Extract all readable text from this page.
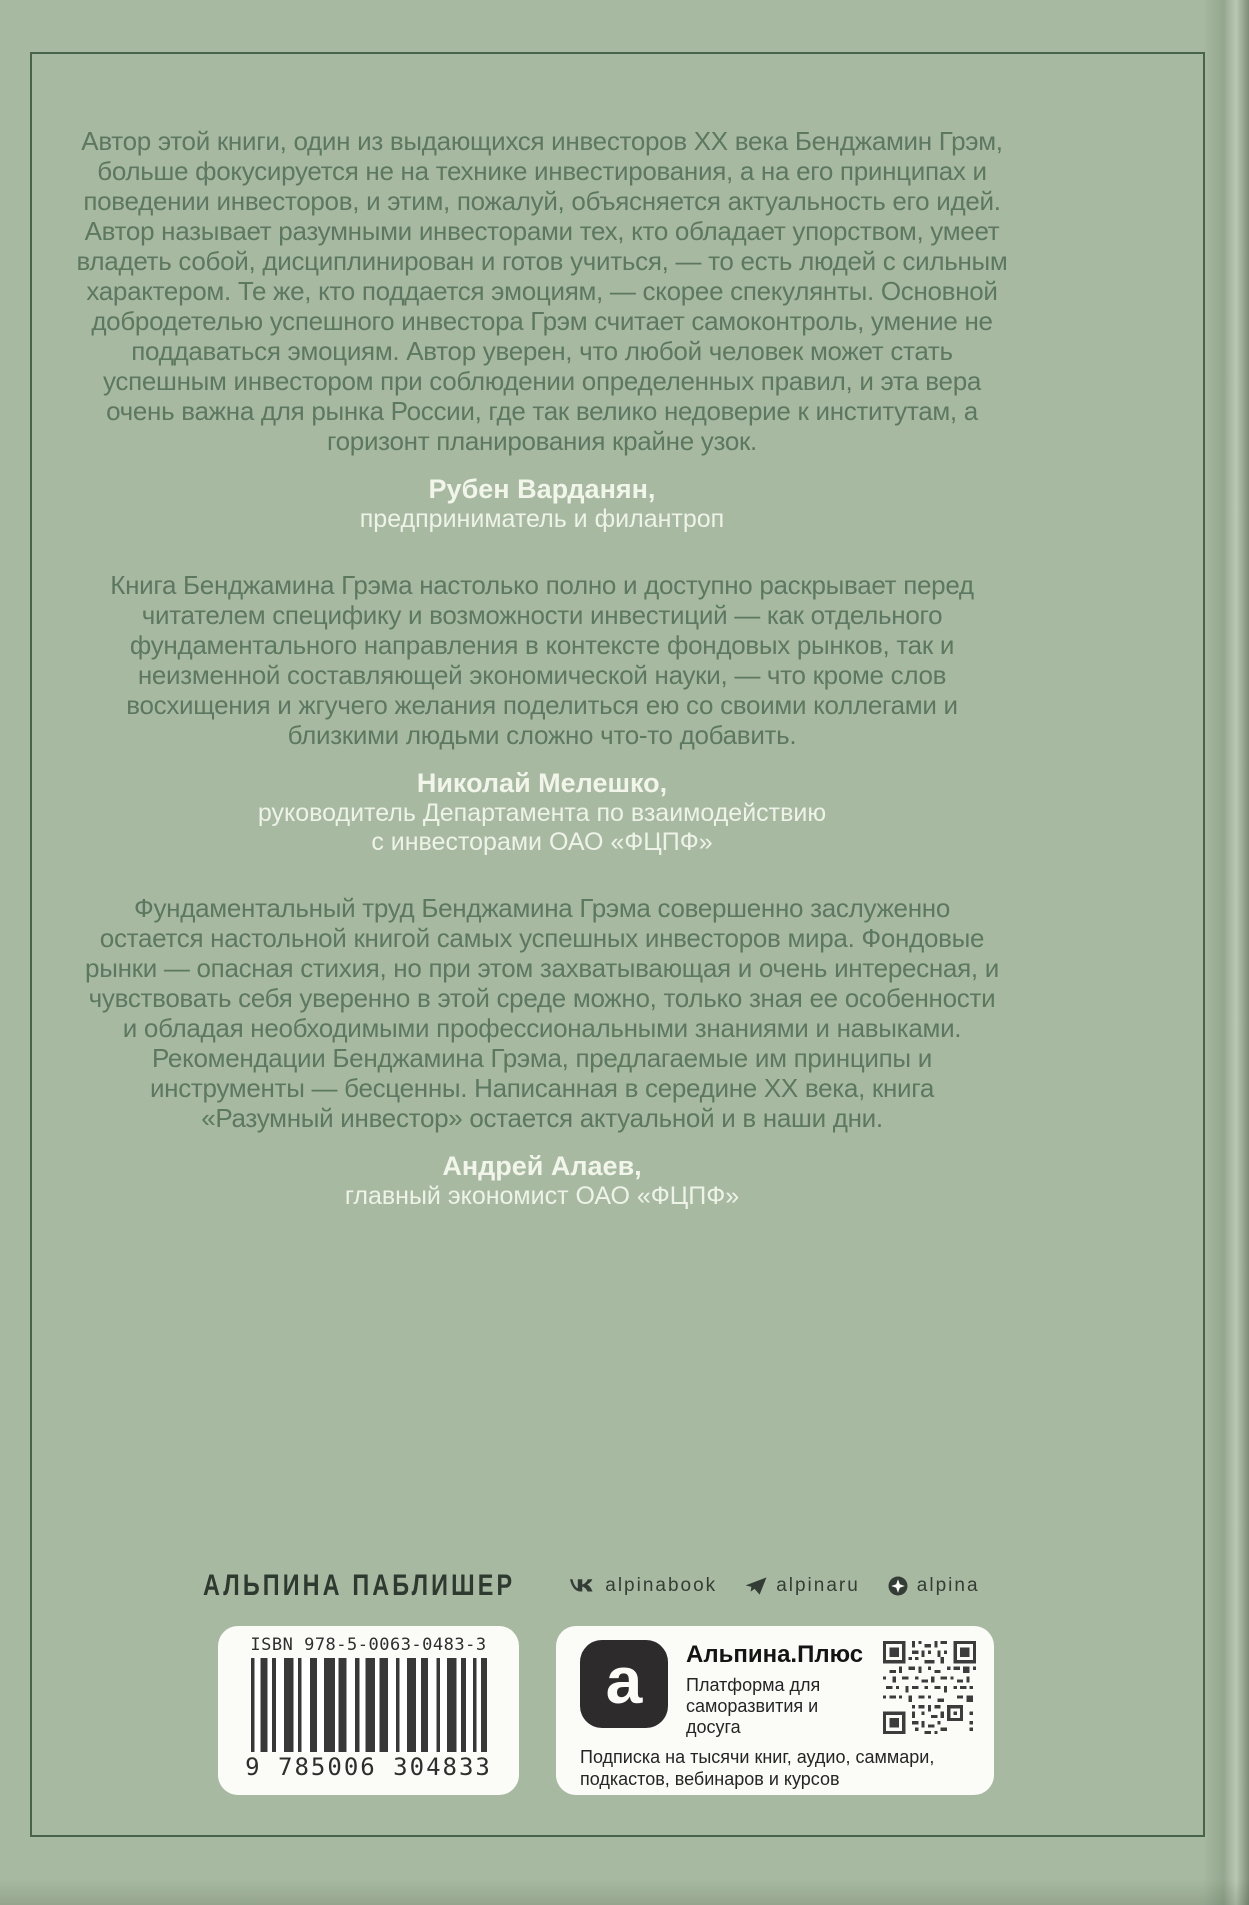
Автор этой книги, один из выдающихся инвесторов XX века Бенджамин Грэм, больше фокусируется не на технике инвестирования, а на его принципах и поведении инвесторов, и этим, пожалуй, объясняется актуальность его идей. Автор называет разумными инвесторами тех, кто обладает упорством, умеет владеть собой, дисциплинирован и готов учиться, — то есть людей с сильным характером. Те же, кто поддается эмоциям, — скорее спекулянты. Основной добродетелью успешного инвестора Грэм считает самоконтроль, умение не поддаваться эмоциям. Автор уверен, что любой человек может стать успешным инвестором при соблюдении определенных правил, и эта вера очень важна для рынка России, где так велико недоверие к институтам, а горизонт планирования крайне узок.

Рубен Варданян,

предприниматель и филантроп

Книга Бенджамина Грэма настолько полно и доступно раскрывает перед читателем специфику и возможности инвестиций — как отдельного фундаментального направления в контексте фондовых рынков, так и неизменной составляющей экономической науки, — что кроме слов восхищения и жгучего желания поделиться ею со своими коллегами и близкими людьми сложно что-то добавить.

Николай Мелешко,

руководитель Департамента по взаимодействию с инвесторами ОАО «ФЦПФ»

Фундаментальный труд Бенджамина Грэма совершенно заслуженно остается настольной книгой самых успешных инвесторов мира. Фондовые рынки — опасная стихия, но при этом захватывающая и очень интересная, и чувствовать себя уверенно в этой среде можно, только зная ее особенности и обладая необходимыми профессиональными знаниями и навыками. Рекомендации Бенджамина Грэма, предлагаемые им принципы и инструменты — бесценны. Написанная в середине XX века, книга «Разумный инвестор» остается актуальной и в наши дни.

Андрей Алаев,

главный экономист ОАО «ФЦПФ»

АЛЬПИНА ПАБЛИШЕР	alpinabook	alpinaru	alpina
ISBN 978-5-0063-0483-3
9 785006 304833
a	Альпина.Плюс
Платформа для саморазвития и досуга
Подписка на тысячи книг, аудио, саммари, подкастов, вебинаров и курсов
